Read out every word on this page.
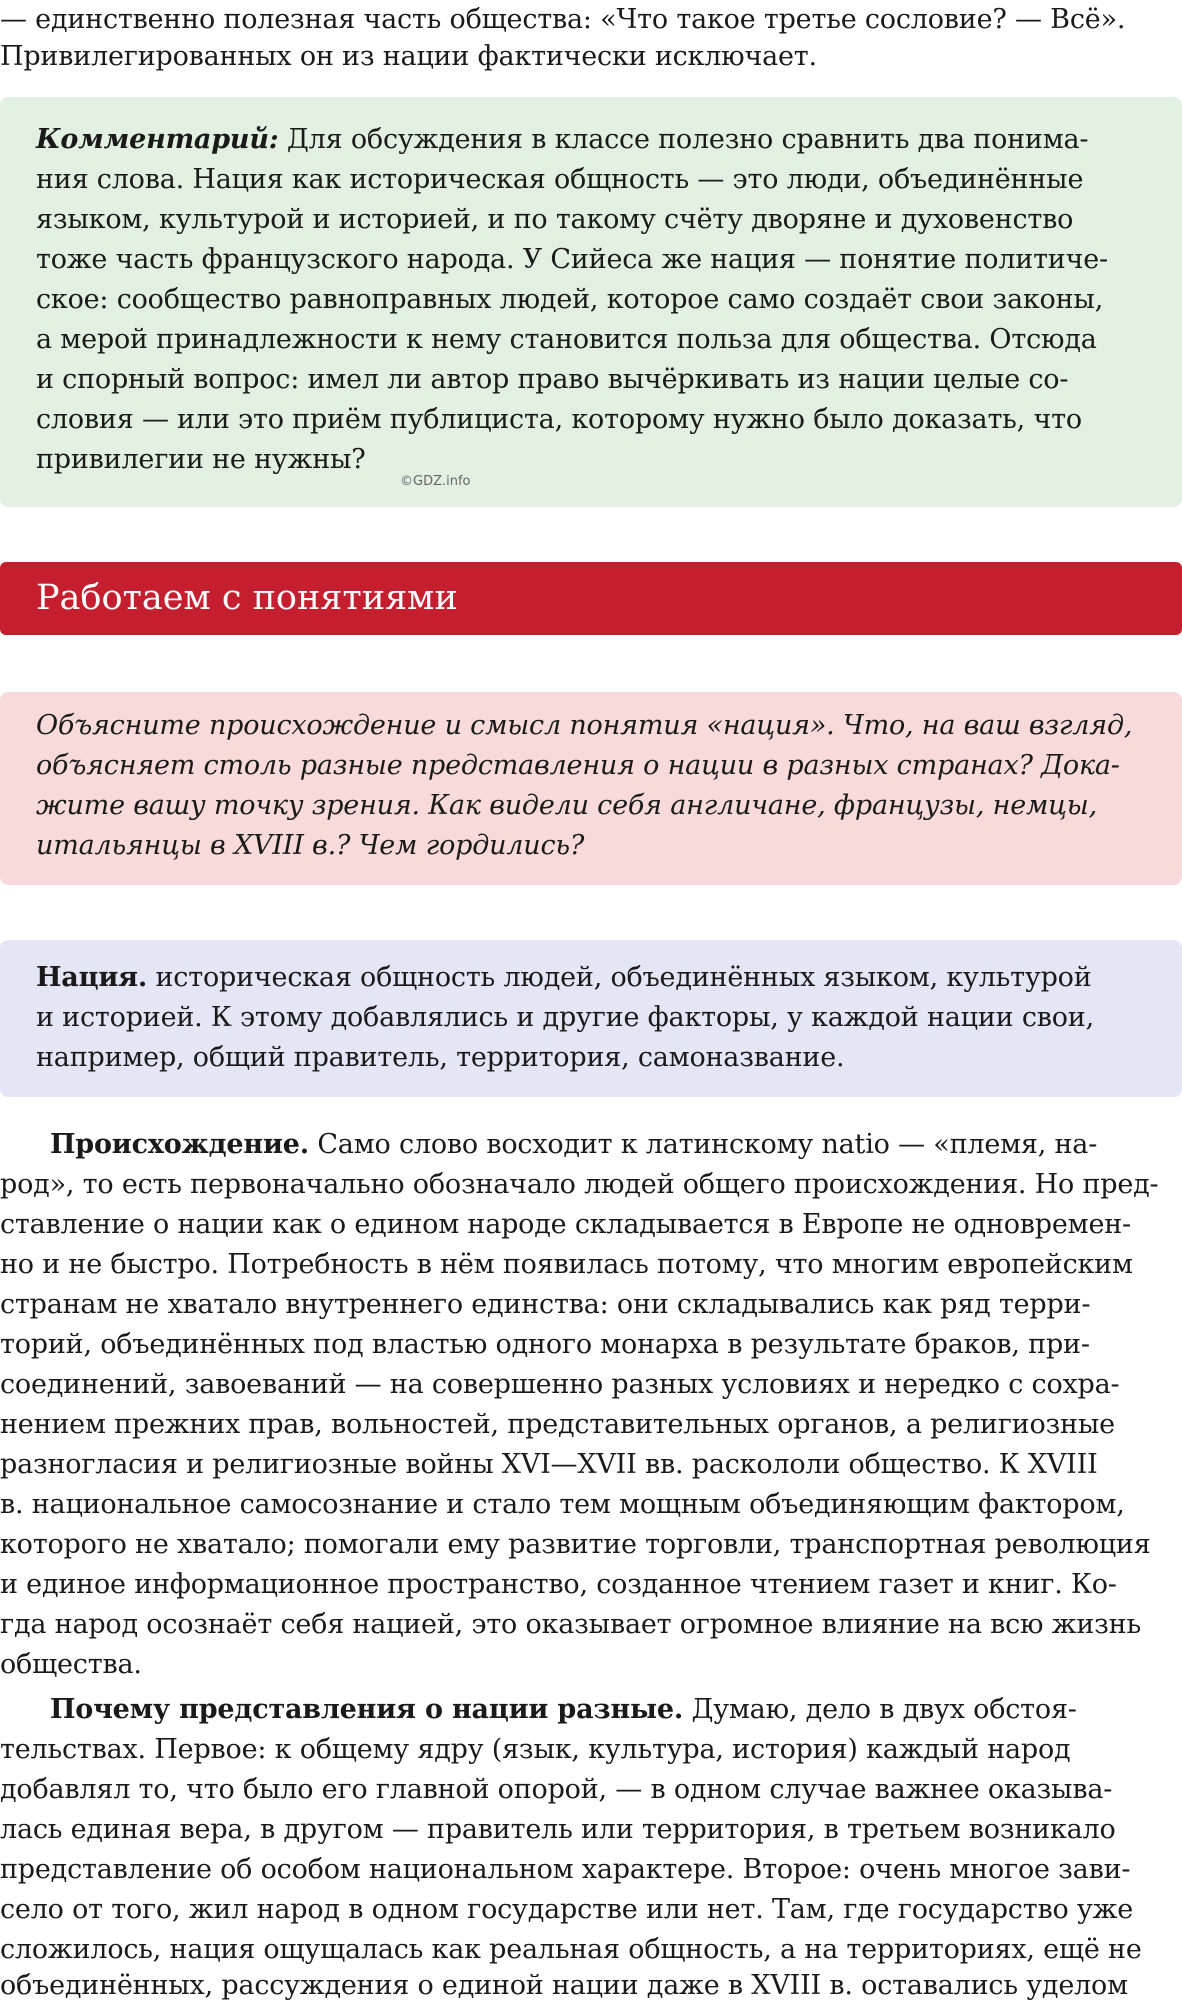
— единственно полезная часть общества: «Что такое третье сословие? — Всё».
Привилегированных он из нации фактически исключает.
Комментарий: Для обсуждения в классе полезно сравнить два понима-
ния слова. Нация как историческая общность — это люди, объединённые
языком, культурой и историей, и по такому счёту дворяне и духовенство
тоже часть французского народа. У Сийеса же нация — понятие политиче-
ское: сообщество равноправных людей, которое само создаёт свои законы,
а мерой принадлежности к нему становится польза для общества. Отсюда
и спорный вопрос: имел ли автор право вычёркивать из нации целые со-
словия — или это приём публициста, которому нужно было доказать, что
привилегии не нужны?
©GDZ.info
Работаем с понятиями
Объясните происхождение и смысл понятия «нация». Что, на ваш взгляд,
объясняет столь разные представления о нации в разных странах? Дока-
жите вашу точку зрения. Как видели себя англичане, французы, немцы,
итальянцы в XVIII в.? Чем гордились?
Нация. историческая общность людей, объединённых языком, культурой
и историей. К этому добавлялись и другие факторы, у каждой нации свои,
например, общий правитель, территория, самоназвание.
Происхождение. Само слово восходит к латинскому natio — «племя, на-
род», то есть первоначально обозначало людей общего происхождения. Но пред-
ставление о нации как о едином народе складывается в Европе не одновремен-
но и не быстро. Потребность в нём появилась потому, что многим европейским
странам не хватало внутреннего единства: они складывались как ряд терри-
торий, объединённых под властью одного монарха в результате браков, при-
соединений, завоеваний — на совершенно разных условиях и нередко с сохра-
нением прежних прав, вольностей, представительных органов, а религиозные
разногласия и религиозные войны XVI—XVII вв. раскололи общество. К XVIII
в. национальное самосознание и стало тем мощным объединяющим фактором,
которого не хватало; помогали ему развитие торговли, транспортная революция
и единое информационное пространство, созданное чтением газет и книг. Ко-
гда народ осознаёт себя нацией, это оказывает огромное влияние на всю жизнь
общества.
Почему представления о нации разные. Думаю, дело в двух обстоя-
тельствах. Первое: к общему ядру (язык, культура, история) каждый народ
добавлял то, что было его главной опорой, — в одном случае важнее оказыва-
лась единая вера, в другом — правитель или территория, в третьем возникало
представление об особом национальном характере. Второе: очень многое зави-
село от того, жил народ в одном государстве или нет. Там, где государство уже
сложилось, нация ощущалась как реальная общность, а на территориях, ещё не
объединённых, рассуждения о единой нации даже в XVIII в. оставались уделом
